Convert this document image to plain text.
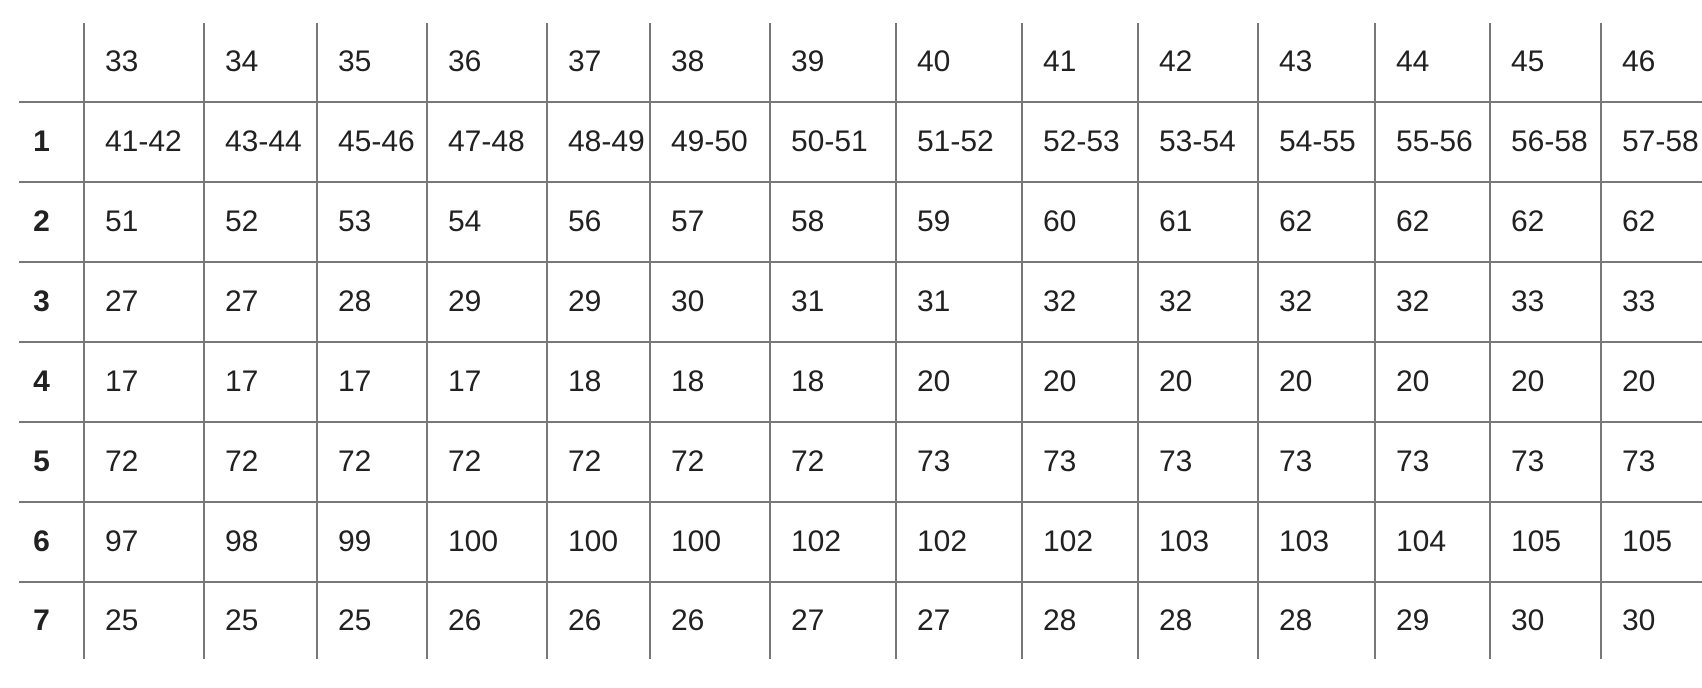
	33	34	35	36	37	38	39	40	41	42	43	44	45	46
1	41-42	43-44	45-46	47-48	48-49	49-50	50-51	51-52	52-53	53-54	54-55	55-56	56-58	57-58
2	51	52	53	54	56	57	58	59	60	61	62	62	62	62
3	27	27	28	29	29	30	31	31	32	32	32	32	33	33
4	17	17	17	17	18	18	18	20	20	20	20	20	20	20
5	72	72	72	72	72	72	72	73	73	73	73	73	73	73
6	97	98	99	100	100	100	102	102	102	103	103	104	105	105
7	25	25	25	26	26	26	27	27	28	28	28	29	30	30
